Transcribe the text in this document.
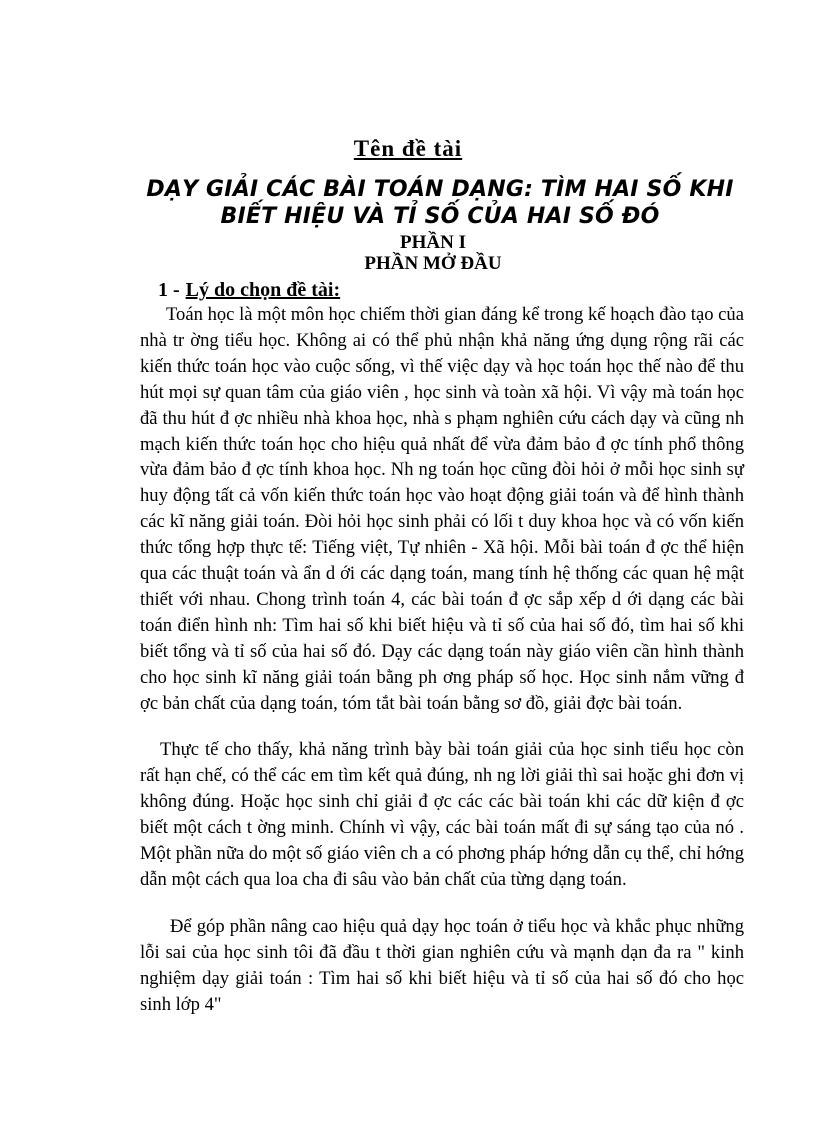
Tên đề tài
DẠY GIẢI CÁC BÀI TOÁN DẠNG: TÌM HAI SỐ KHI BIẾT HIỆU VÀ TỈ SỐ CỦA HAI SỐ ĐÓ
PHẦN I
PHẦN MỞ ĐẦU
1 - Lý do chọn đề tài:

Toán học là một môn học chiếm thời gian đáng kể trong kế hoạch đào tạo của nhà tr ờng tiểu học. Không ai có thể phủ nhận khả năng ứng dụng rộng rãi các kiến thức toán học vào cuộc sống, vì thế việc dạy và học toán học thế nào để thu hút mọi sự quan tâm của giáo viên , học sinh và toàn xã hội. Vì vậy mà toán học đã thu hút đ ợc nhiều nhà khoa học, nhà s phạm nghiên cứu cách dạy và cũng nh mạch kiến thức toán học cho hiệu quả nhất để vừa đảm bảo đ ợc tính phổ thông vừa đảm bảo đ ợc tính khoa học. Nh ng toán học cũng đòi hỏi ở mỗi học sinh sự huy động tất cả vốn kiến thức toán học vào hoạt động giải toán và để hình thành các kĩ năng giải toán. Đòi hỏi học sinh phải có lối t duy khoa học và có vốn kiến thức tổng hợp thực tế: Tiếng việt, Tự nhiên - Xã hội. Mỗi bài toán đ ợc thể hiện qua các thuật toán và ẩn d ới các dạng toán, mang tính hệ thống các quan hệ mật thiết với nhau. Chong trình toán 4, các bài toán đ ợc sắp xếp d ới dạng các bài toán điển hình nh: Tìm hai số khi biết hiệu và tỉ số của hai số đó, tìm hai số khi biết tổng và tỉ số của hai số đó. Dạy các dạng toán này giáo viên cần hình thành cho học sinh kĩ năng giải toán bằng ph ơng pháp số học. Học sinh nắm vững đ ợc bản chất của dạng toán, tóm tắt bài toán bằng sơ đồ, giải đợc bài toán.

Thực tế cho thấy, khả năng trình bày bài toán giải của học sinh tiểu học còn rất hạn chế, có thể các em tìm kết quả đúng, nh ng lời giải thì sai hoặc ghi đơn vị không đúng. Hoặc học sinh chỉ giải đ ợc các các bài toán khi các dữ kiện đ ợc biết một cách t ờng minh. Chính vì vậy, các bài toán mất đi sự sáng tạo của nó . Một phần nữa do một số giáo viên ch a có phơng pháp hớng dẫn cụ thể, chỉ hớng dẫn một cách qua loa cha đi sâu vào bản chất của từng dạng toán.

Để góp phần nâng cao hiệu quả dạy học toán ở tiểu học và khắc phục những lỗi sai của học sinh tôi đã đầu t thời gian nghiên cứu và mạnh dạn đa ra " kinh nghiệm dạy giải toán : Tìm hai số khi biết hiệu và tỉ số của hai số đó cho học sinh lớp 4"
